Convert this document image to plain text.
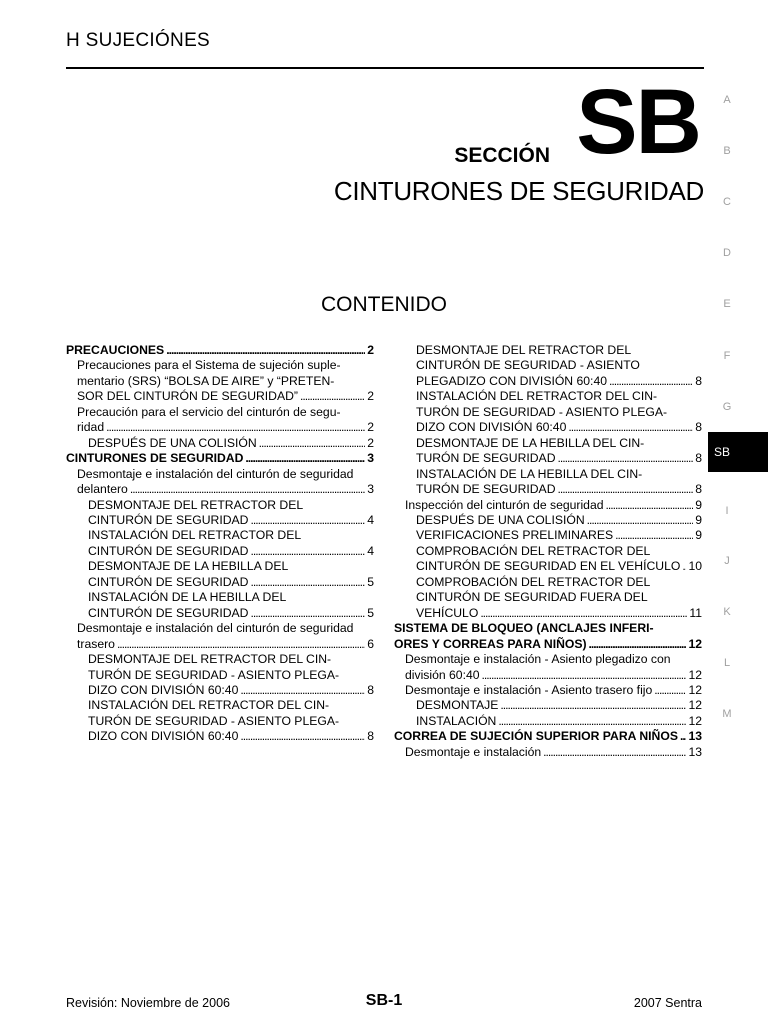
H SUJECIÓNES
SECCIÓN SB
CINTURONES DE SEGURIDAD
CONTENIDO
PRECAUCIONES . . .	2
Precauciones para el Sistema de sujeción suple-
mentario (SRS) “BOLSA DE AIRE” y “PRETEN-
SOR DEL CINTURÓN DE SEGURIDAD” . . .	2
Precaución para el servicio del cinturón de segu-
ridad . . .	2
DESPUÉS DE UNA COLISIÓN . . .	2
CINTURONES DE SEGURIDAD . . .	3
Desmontaje e instalación del cinturón de seguridad
delantero . . .	3
DESMONTAJE DEL RETRACTOR DEL
CINTURÓN DE SEGURIDAD . . .	4
INSTALACIÓN DEL RETRACTOR DEL
CINTURÓN DE SEGURIDAD . . .	4
DESMONTAJE DE LA HEBILLA DEL
CINTURÓN DE SEGURIDAD . . .	5
INSTALACIÓN DE LA HEBILLA DEL
CINTURÓN DE SEGURIDAD . . .	5
Desmontaje e instalación del cinturón de seguridad
trasero . . .	6
DESMONTAJE DEL RETRACTOR DEL CIN-
TURÓN DE SEGURIDAD - ASIENTO PLEGA-
DIZO CON DIVISIÓN 60:40 . . .	8
INSTALACIÓN DEL RETRACTOR DEL CIN-
TURÓN DE SEGURIDAD - ASIENTO PLEGA-
DIZO CON DIVISIÓN 60:40 . . .	8
DESMONTAJE DEL RETRACTOR DEL
CINTURÓN DE SEGURIDAD - ASIENTO
PLEGADIZO CON DIVISIÓN 60:40 . . .	8
INSTALACIÓN DEL RETRACTOR DEL CIN-
TURÓN DE SEGURIDAD - ASIENTO PLEGA-
DIZO CON DIVISIÓN 60:40 . . .	8
DESMONTAJE DE LA HEBILLA DEL CIN-
TURÓN DE SEGURIDAD . . .	8
INSTALACIÓN DE LA HEBILLA DEL CIN-
TURÓN DE SEGURIDAD . . .	8
Inspección del cinturón de seguridad . . .	9
DESPUÉS DE UNA COLISIÓN . . .	9
VERIFICACIONES PRELIMINARES . . .	9
COMPROBACIÓN DEL RETRACTOR DEL
CINTURÓN DE SEGURIDAD EN EL VEHÍCULO . . . 10
COMPROBACIÓN DEL RETRACTOR DEL
CINTURÓN DE SEGURIDAD FUERA DEL
VEHÍCULO . . .	11
SISTEMA DE BLOQUEO (ANCLAJES INFERI-
ORES Y CORREAS PARA NIÑOS) . . .	12
Desmontaje e instalación - Asiento plegadizo con
división 60:40 . . .	12
Desmontaje e instalación - Asiento trasero fijo . . .	12
DESMONTAJE . . .	12
INSTALACIÓN . . .	12
CORREA DE SUJECIÓN SUPERIOR PARA NIÑOS . . . 13
Desmontaje e instalación . . .	13
A
B
C
D
E
F
G
SB
I
J
K
L
M
Revisión: Noviembre de 2006	SB-1	2007 Sentra
